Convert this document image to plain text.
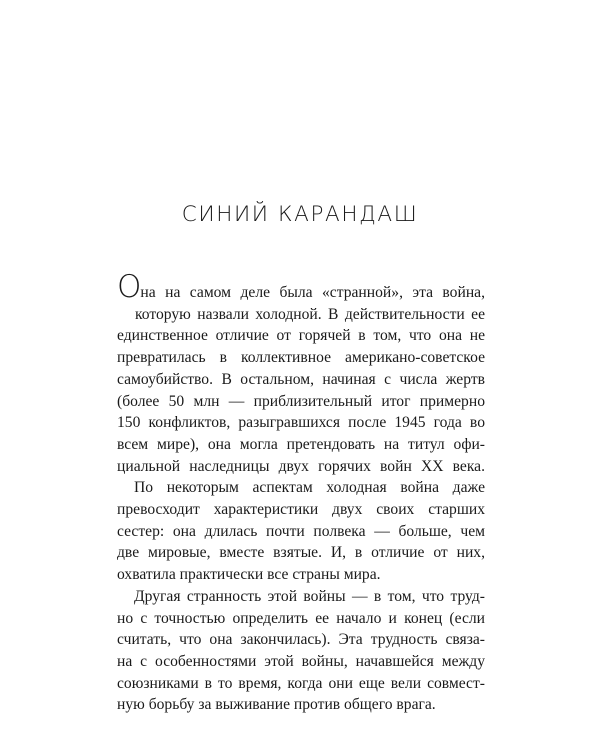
СИНИЙ КАРАНДАШ
Она на самом деле была «странной», эта война,
которую назвали холодной. В действительности ее
единственное отличие от горячей в том, что она не
превратилась в коллективное американо-советское
самоубийство. В остальном, начиная с числа жертв
(более 50 млн — приблизительный итог примерно
150 конфликтов, разыгравшихся после 1945 года во
всем мире), она могла претендовать на титул офи-
циальной наследницы двух горячих войн XX века.
По некоторым аспектам холодная война даже
превосходит характеристики двух своих старших
сестер: она длилась почти полвека — больше, чем
две мировые, вместе взятые. И, в отличие от них,
охватила практически все страны мира.
Другая странность этой войны — в том, что труд-
но с точностью определить ее начало и конец (если
считать, что она закончилась). Эта трудность связа-
на с особенностями этой войны, начавшейся между
союзниками в то время, когда они еще вели совмест-
ную борьбу за выживание против общего врага.
